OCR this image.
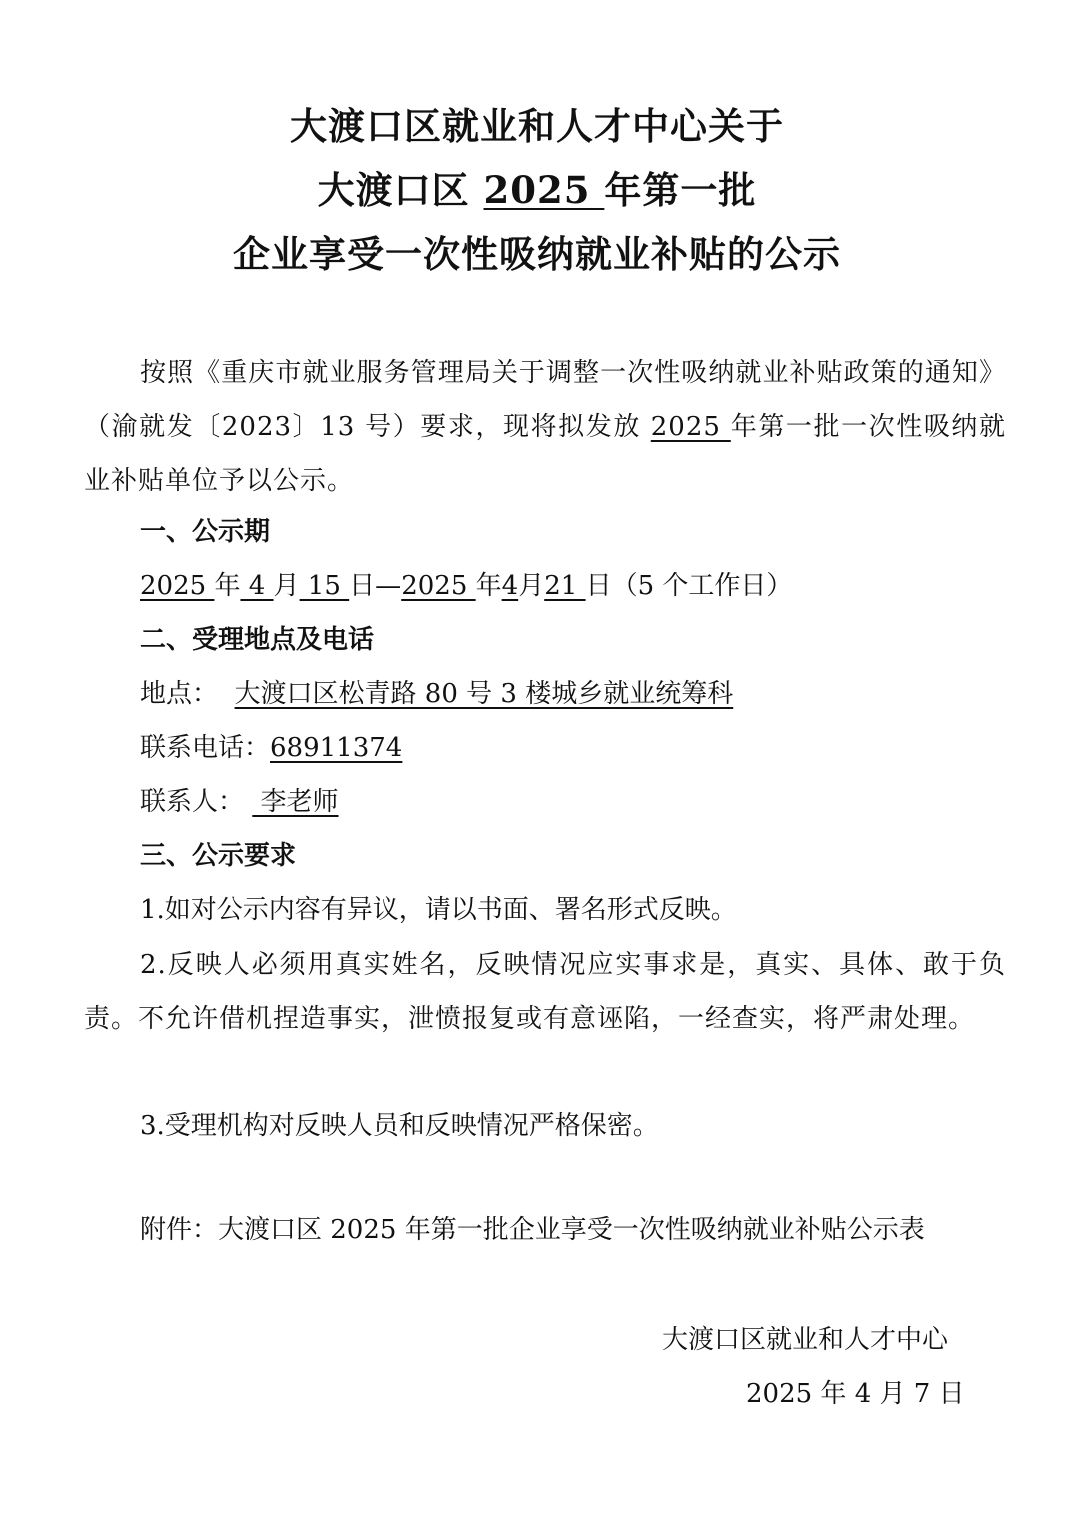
大渡口区就业和人才中心关于
大渡口区 2025 年第一批
企业享受一次性吸纳就业补贴的公示
按照《重庆市就业服务管理局关于调整一次性吸纳就业补贴政策的通知》（渝就发〔2023〕13 号）要求，现将拟发放 2025 年第一批一次性吸纳就业补贴单位予以公示。
一、公示期
2025 年 4 月 15 日—2025 年4月21 日（5 个工作日）
二、受理地点及电话
地点： 大渡口区松青路 80 号 3 楼城乡就业统筹科
联系电话：68911374
联系人：  李老师
三、公示要求
1.如对公示内容有异议，请以书面、署名形式反映。
2.反映人必须用真实姓名，反映情况应实事求是，真实、具体、敢于负责。不允许借机捏造事实，泄愤报复或有意诬陷，一经查实，将严肃处理。
3.受理机构对反映人员和反映情况严格保密。
附件：大渡口区 2025 年第一批企业享受一次性吸纳就业补贴公示表
大渡口区就业和人才中心
2025 年 4 月 7 日
